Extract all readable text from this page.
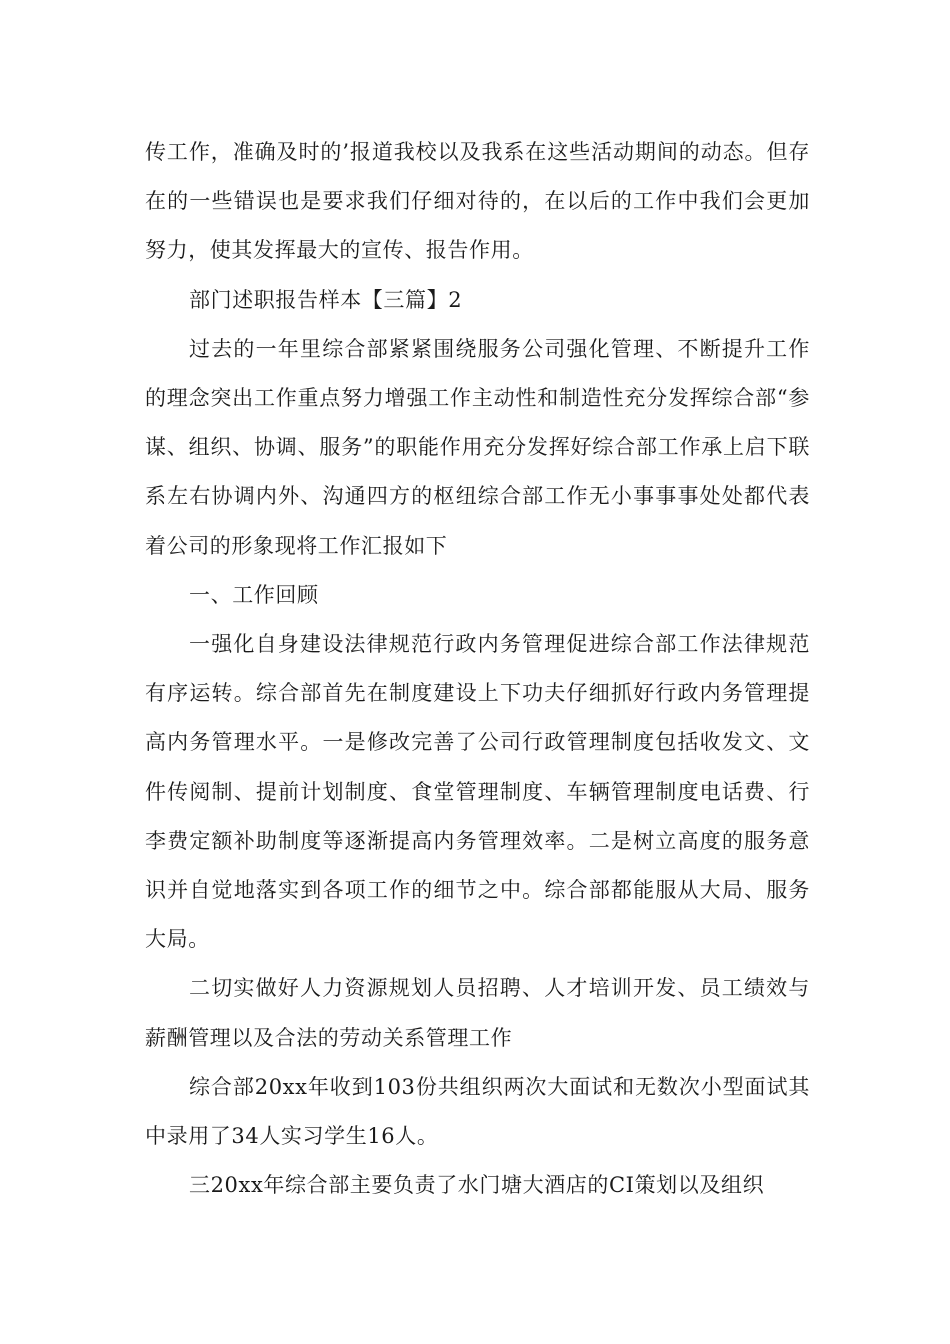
传工作，准确及时的’报道我校以及我系在这些活动期间的动态。但存在的一些错误也是要求我们仔细对待的，在以后的工作中我们会更加努力，使其发挥最大的宣传、报告作用。

部门述职报告样本【三篇】2

过去的一年里综合部紧紧围绕服务公司强化管理、不断提升工作的理念突出工作重点努力增强工作主动性和制造性充分发挥综合部“参谋、组织、协调、服务”的职能作用充分发挥好综合部工作承上启下联系左右协调内外、沟通四方的枢纽综合部工作无小事事事处处都代表着公司的形象现将工作汇报如下

一、工作回顾

一强化自身建设法律规范行政内务管理促进综合部工作法律规范有序运转。综合部首先在制度建设上下功夫仔细抓好行政内务管理提高内务管理水平。一是修改完善了公司行政管理制度包括收发文、文件传阅制、提前计划制度、食堂管理制度、车辆管理制度电话费、行李费定额补助制度等逐渐提高内务管理效率。二是树立高度的服务意识并自觉地落实到各项工作的细节之中。综合部都能服从大局、服务大局。

二切实做好人力资源规划人员招聘、人才培训开发、员工绩效与薪酬管理以及合法的劳动关系管理工作

综合部20xx年收到103份共组织两次大面试和无数次小型面试其中录用了34人实习学生16人。

三20xx年综合部主要负责了水门塘大酒店的CI策划以及组织
